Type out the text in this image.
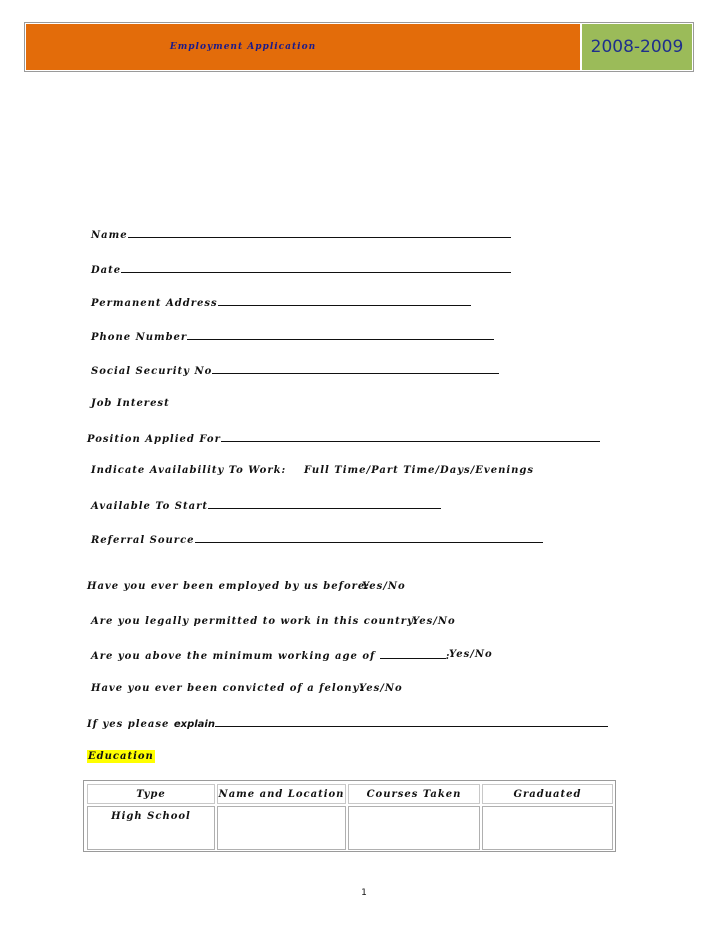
Employment Application	2008-2009
Name
Date
Permanent Address
Phone Number
Social Security No
Job Interest
Position Applied For
Indicate Availability To Work: Full Time/Part Time/Days/Evenings
Available To Start
Referral Source
Have you ever been employed by us before:
Yes/No
Are you legally permitted to work in this country:
Yes/No
Are you above the minimum working age of	:
Yes/No
Have you ever been convicted of a felony:
Yes/No
If yes please explain
Education
Type	Name and Location	Courses Taken	Graduated
High School
1
